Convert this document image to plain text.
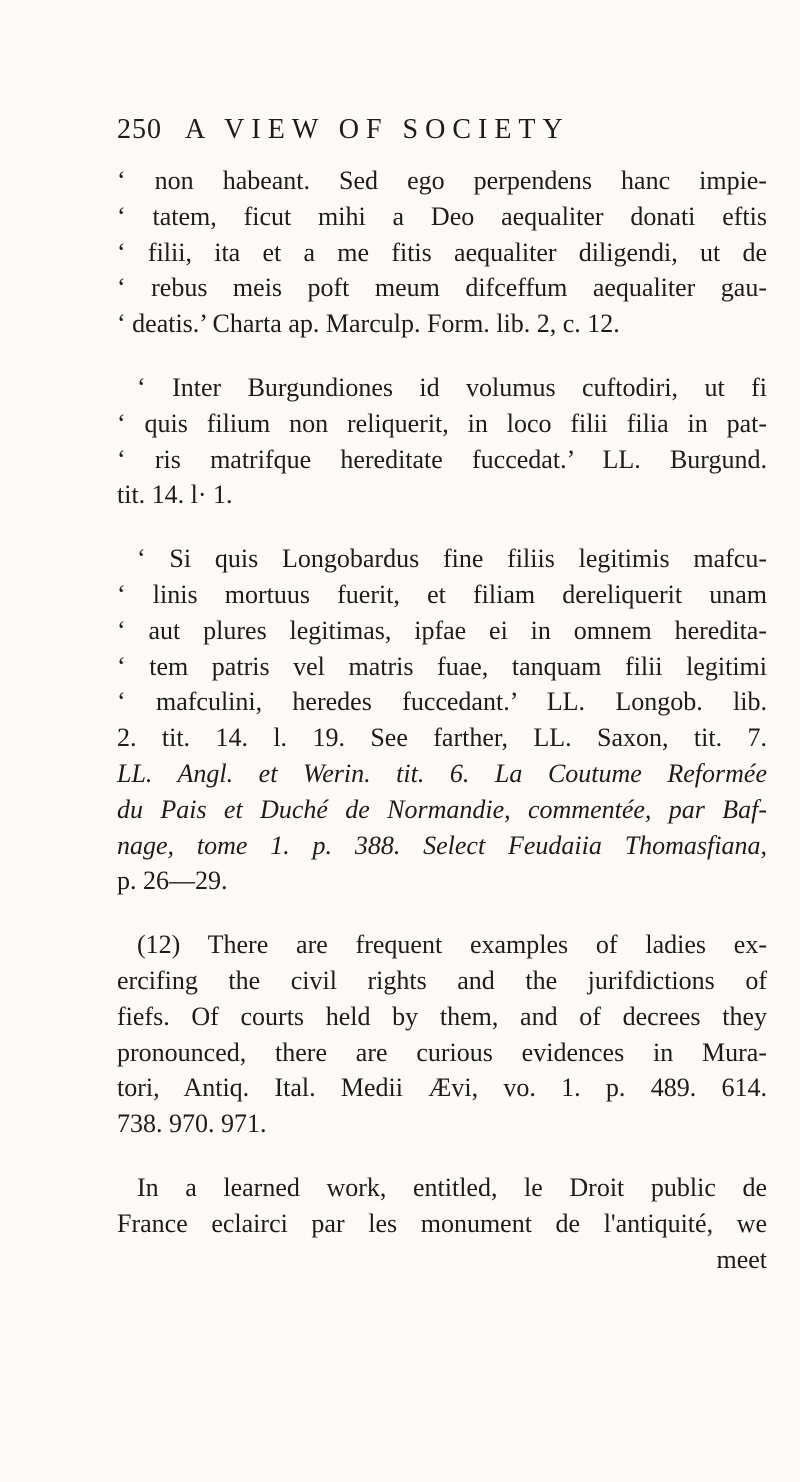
250 A VIEW OF SOCIETY
‘ non habeant. Sed ego perpendens hanc impie-
‘ tatem, ficut mihi a Deo aequaliter donati eftis
‘ filii, ita et a me fitis aequaliter diligendi, ut de
‘ rebus meis poft meum difceffum aequaliter gau-
‘ deatis.’ Charta ap. Marculp. Form. lib. 2, c. 12.
‘ Inter Burgundiones id volumus cuftodiri, ut fi
‘ quis filium non reliquerit, in loco filii filia in pat-
‘ ris matrifque hereditate fuccedat.’ LL. Burgund.
tit. 14. l· 1.
‘ Si quis Longobardus fine filiis legitimis mafcu-
‘ linis mortuus fuerit, et filiam dereliquerit unam
‘ aut plures legitimas, ipfae ei in omnem heredita-
‘ tem patris vel matris fuae, tanquam filii legitimi
‘ mafculini, heredes fuccedant.’ LL. Longob. lib.
2. tit. 14. l. 19. See farther, LL. Saxon, tit. 7.
LL. Angl. et Werin. tit. 6. La Coutume Reformée
du Pais et Duché de Normandie, commentée, par Baf-
nage, tome 1. p. 388. Select Feudaiia Thomasfiana,
p. 26—29.
(12) There are frequent examples of ladies ex-
ercifing the civil rights and the jurifdictions of
fiefs. Of courts held by them, and of decrees they
pronounced, there are curious evidences in Mura-
tori, Antiq. Ital. Medii Ævi, vo. 1. p. 489. 614.
738. 970. 971.
In a learned work, entitled, le Droit public de
France eclairci par les monument de l'antiquité, we
meet
